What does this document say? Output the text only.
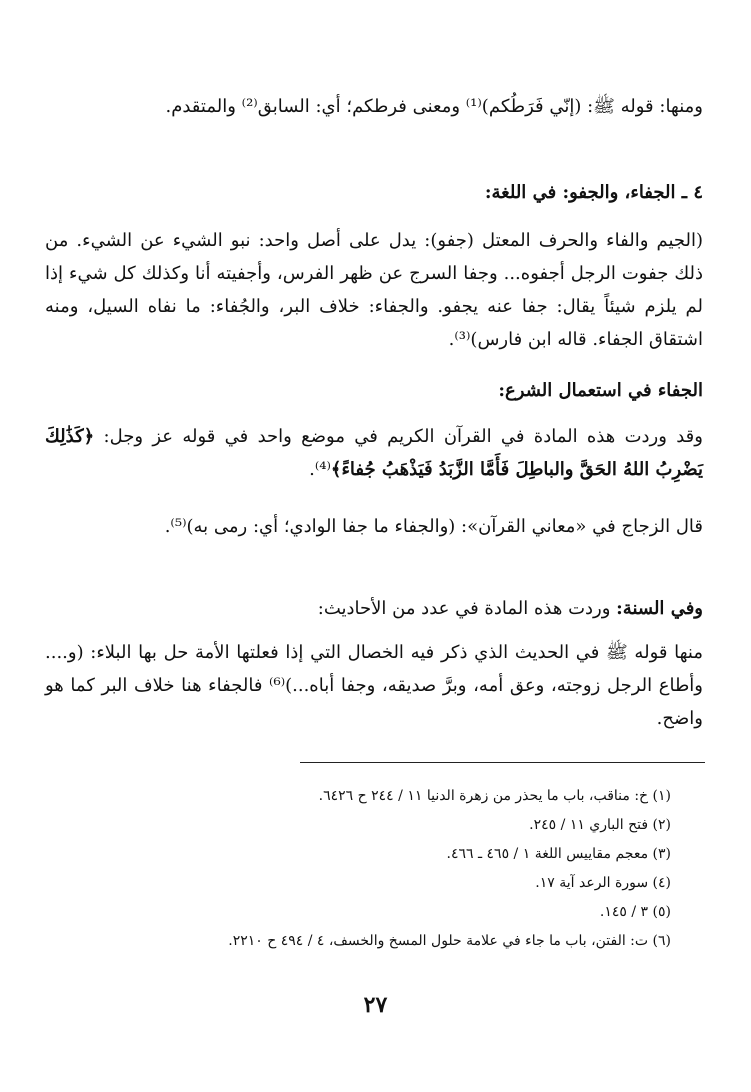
ومنها: قوله ﷺ: (إنّي فَرَطُكم)⁽¹⁾ ومعنى فرطكم؛ أي: السابق⁽²⁾ والمتقدم.

٤ ـ الجفاء، والجفو: في اللغة:

(الجيم والفاء والحرف المعتل (جفو): يدل على أصل واحد: نبو الشيء عن الشيء. من ذلك جفوت الرجل أجفوه... وجفا السرج عن ظهر الفرس، وأجفيته أنا وكذلك كل شيء إذا لم يلزم شيئاً يقال: جفا عنه يجفو. والجفاء: خلاف البر، والجُفاء: ما نفاه السيل، ومنه اشتقاق الجفاء. قاله ابن فارس)⁽³⁾.

الجفاء في استعمال الشرع:

وقد وردت هذه المادة في القرآن الكريم في موضع واحد في قوله عز وجل: ﴿كَذَٰلِكَ يَضْرِبُ اللهُ الحَقَّ والباطِلَ فَأَمَّا الزَّبَدُ فَيَذْهَبُ جُفاءً﴾⁽⁴⁾.

قال الزجاج في «معاني القرآن»: (والجفاء ما جفا الوادي؛ أي: رمى به)⁽⁵⁾.

وفي السنة: وردت هذه المادة في عدد من الأحاديث:

منها قوله ﷺ في الحديث الذي ذكر فيه الخصال التي إذا فعلتها الأمة حل بها البلاء: (و.... وأطاع الرجل زوجته، وعق أمه، وبرَّ صديقه، وجفا أباه...)⁽⁶⁾ فالجفاء هنا خلاف البر كما هو واضح.

(١) خ: مناقب، باب ما يحذر من زهرة الدنيا ١١ / ٢٤٤ ح ٦٤٢٦.
(٢) فتح الباري ١١ / ٢٤٥.
(٣) معجم مقاييس اللغة ١ / ٤٦٥ ـ ٤٦٦.
(٤) سورة الرعد آية ١٧.
(٥) ٣ / ١٤٥.
(٦) ت: الفتن، باب ما جاء في علامة حلول المسخ والخسف، ٤ / ٤٩٤ ح ٢٢١٠.
٢٧
